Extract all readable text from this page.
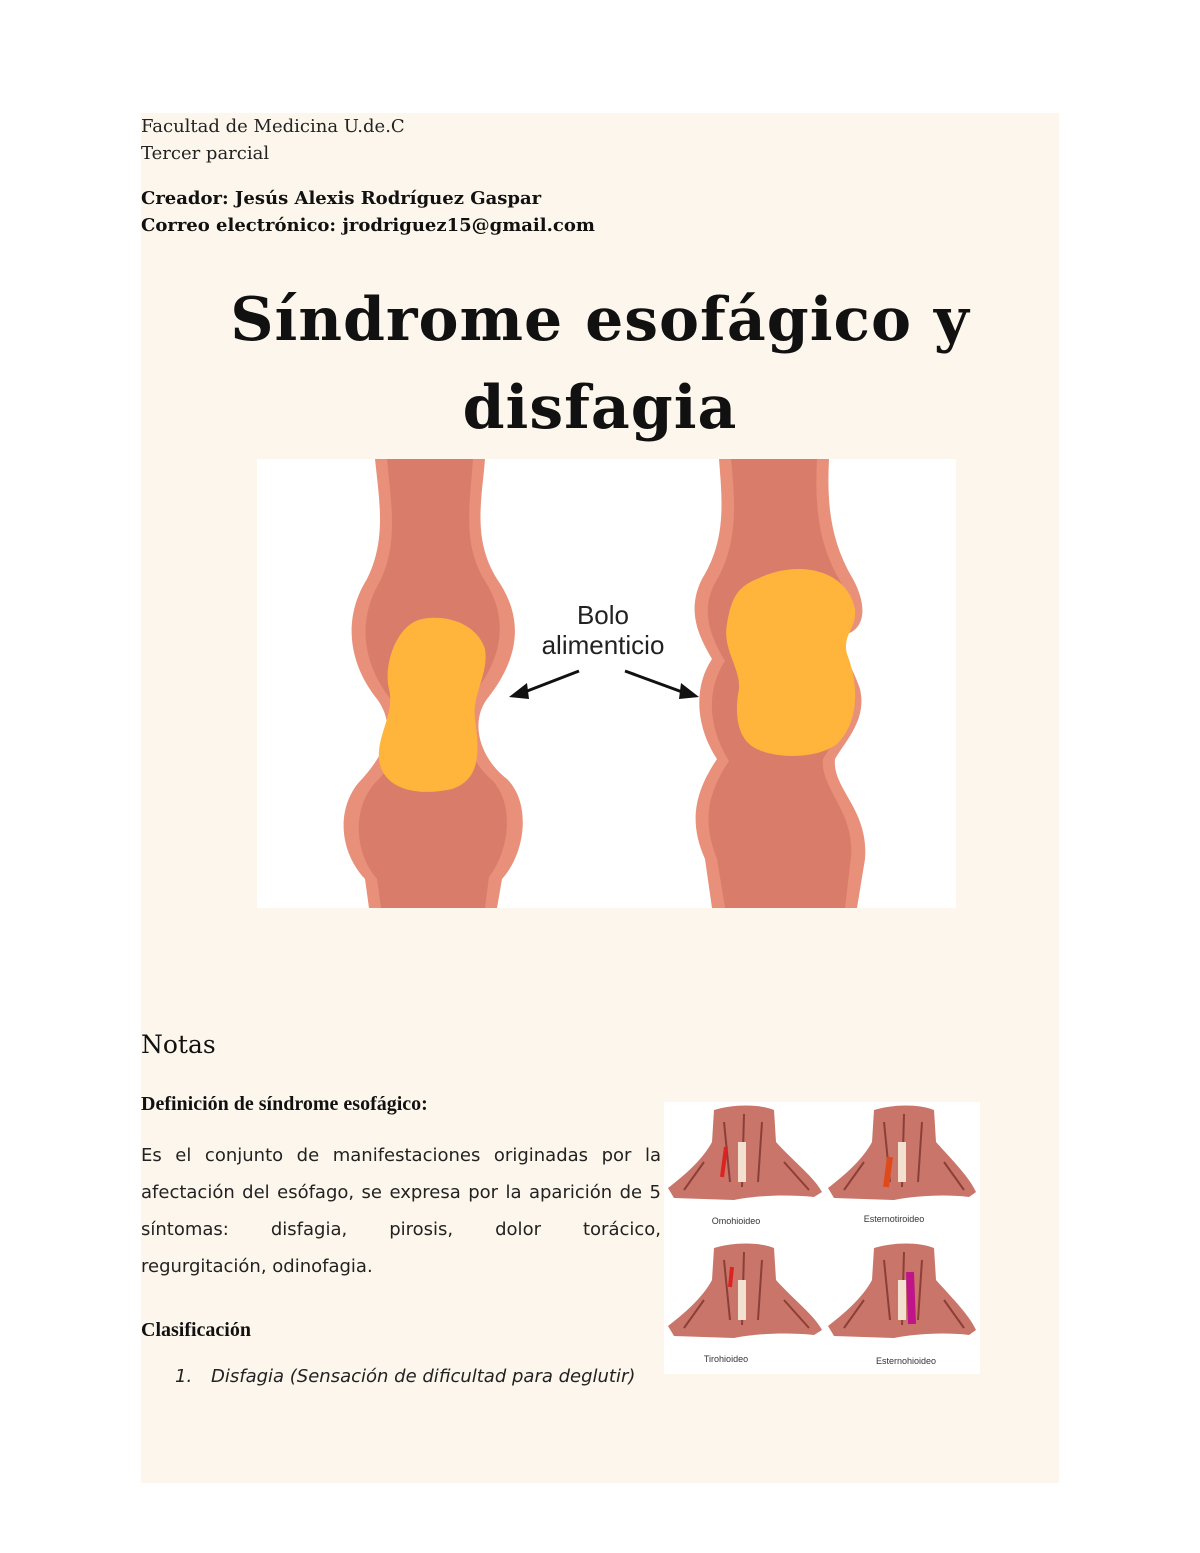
Facultad de Medicina U.de.C
Tercer parcial
Creador: Jesús Alexis Rodríguez Gaspar
Correo electrónico: jrodriguez15@gmail.com
Síndrome esofágico y
disfagia
Bolo
alimenticio
Notas
Definición de síndrome esofágico:
Es el conjunto de manifestaciones originadas por la
afectación del esófago, se expresa por la aparición de 5
síntomas: disfagia, pirosis, dolor torácico,
regurgitación, odinofagia.
Clasificación
1. Disfagia (Sensación de dificultad para deglutir)
Omohioideo	Esternotiroideo
Tirohioideo	Esternohioideo
